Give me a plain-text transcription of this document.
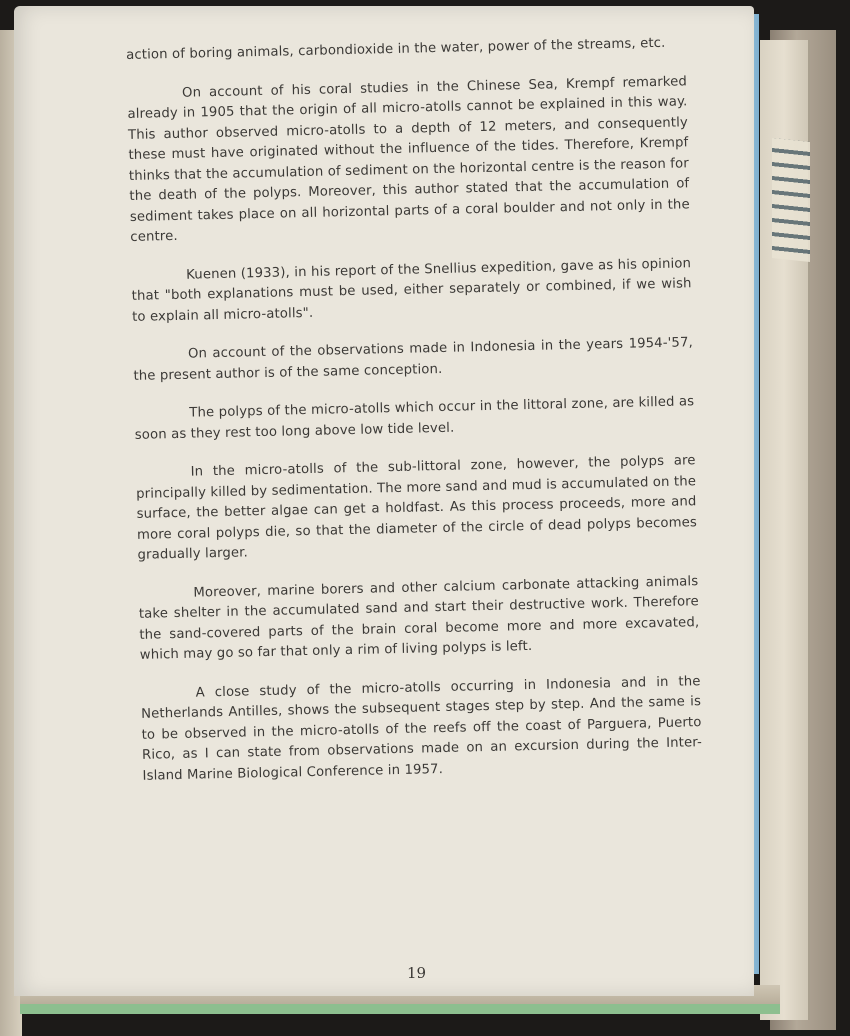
action of boring animals, carbondioxide in the water, power of the streams, etc.

On account of his coral studies in the Chinese Sea, Krempf remarked already in 1905 that the origin of all micro-atolls cannot be explained in this way. This author observed micro-atolls to a depth of 12 meters, and consequently these must have originated without the influence of the tides. Therefore, Krempf thinks that the accumulation of sediment on the horizontal centre is the reason for the death of the polyps. Moreover, this author stated that the accumulation of sediment takes place on all horizontal parts of a coral boulder and not only in the centre.

Kuenen (1933), in his report of the Snellius expedition, gave as his opinion that "both explanations must be used, either separately or combined, if we wish to explain all micro-atolls".

On account of the observations made in Indonesia in the years 1954-'57, the present author is of the same conception.

The polyps of the micro-atolls which occur in the littoral zone, are killed as soon as they rest too long above low tide level.

In the micro-atolls of the sub-littoral zone, however, the polyps are principally killed by sedimentation. The more sand and mud is accumulated on the surface, the better algae can get a holdfast. As this process proceeds, more and more coral polyps die, so that the diameter of the circle of dead polyps becomes gradually larger.

Moreover, marine borers and other calcium carbonate attacking animals take shelter in the accumulated sand and start their destructive work. Therefore the sand-covered parts of the brain coral become more and more excavated, which may go so far that only a rim of living polyps is left.

A close study of the micro-atolls occurring in Indonesia and in the Netherlands Antilles, shows the subsequent stages step by step. And the same is to be observed in the micro-atolls of the reefs off the coast of Parguera, Puerto Rico, as I can state from observations made on an excursion during the Inter-Island Marine Biological Conference in 1957.

19
